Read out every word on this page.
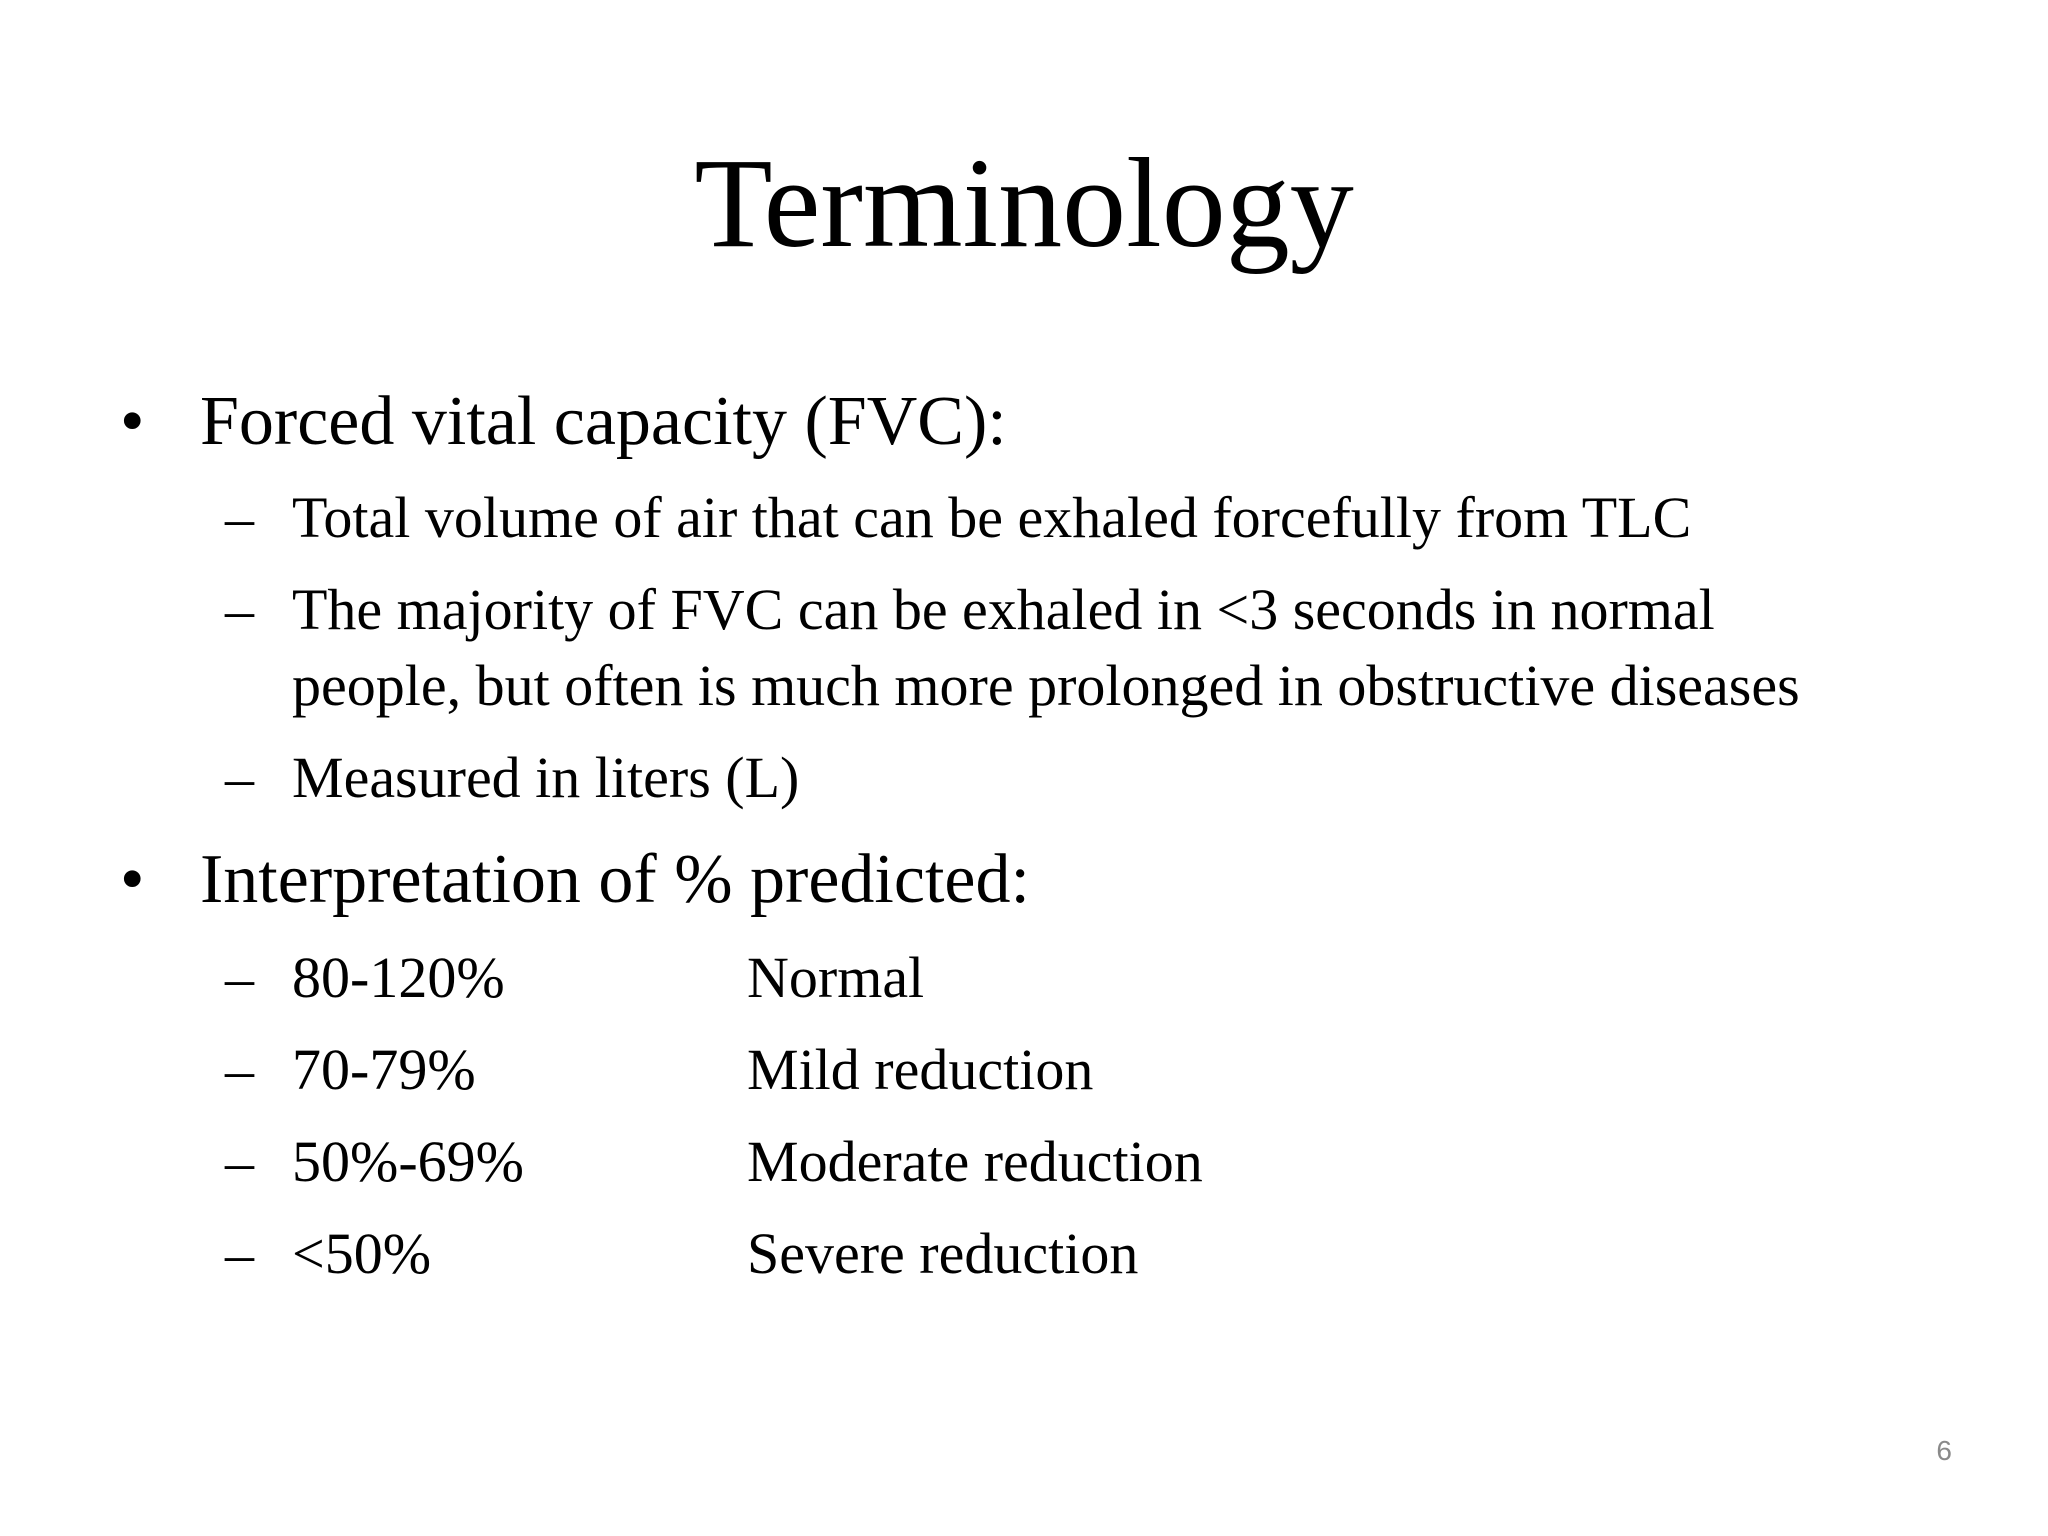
Terminology
• Forced vital capacity (FVC):
– Total volume of air that can be exhaled forcefully from TLC
– The majority of FVC can be exhaled in <3 seconds in normal
people, but often is much more prolonged in obstructive diseases
– Measured in liters (L)
• Interpretation of % predicted:
– 80-120%	Normal
– 70-79%	Mild reduction
– 50%-69%	Moderate reduction
– <50%	Severe reduction
6
